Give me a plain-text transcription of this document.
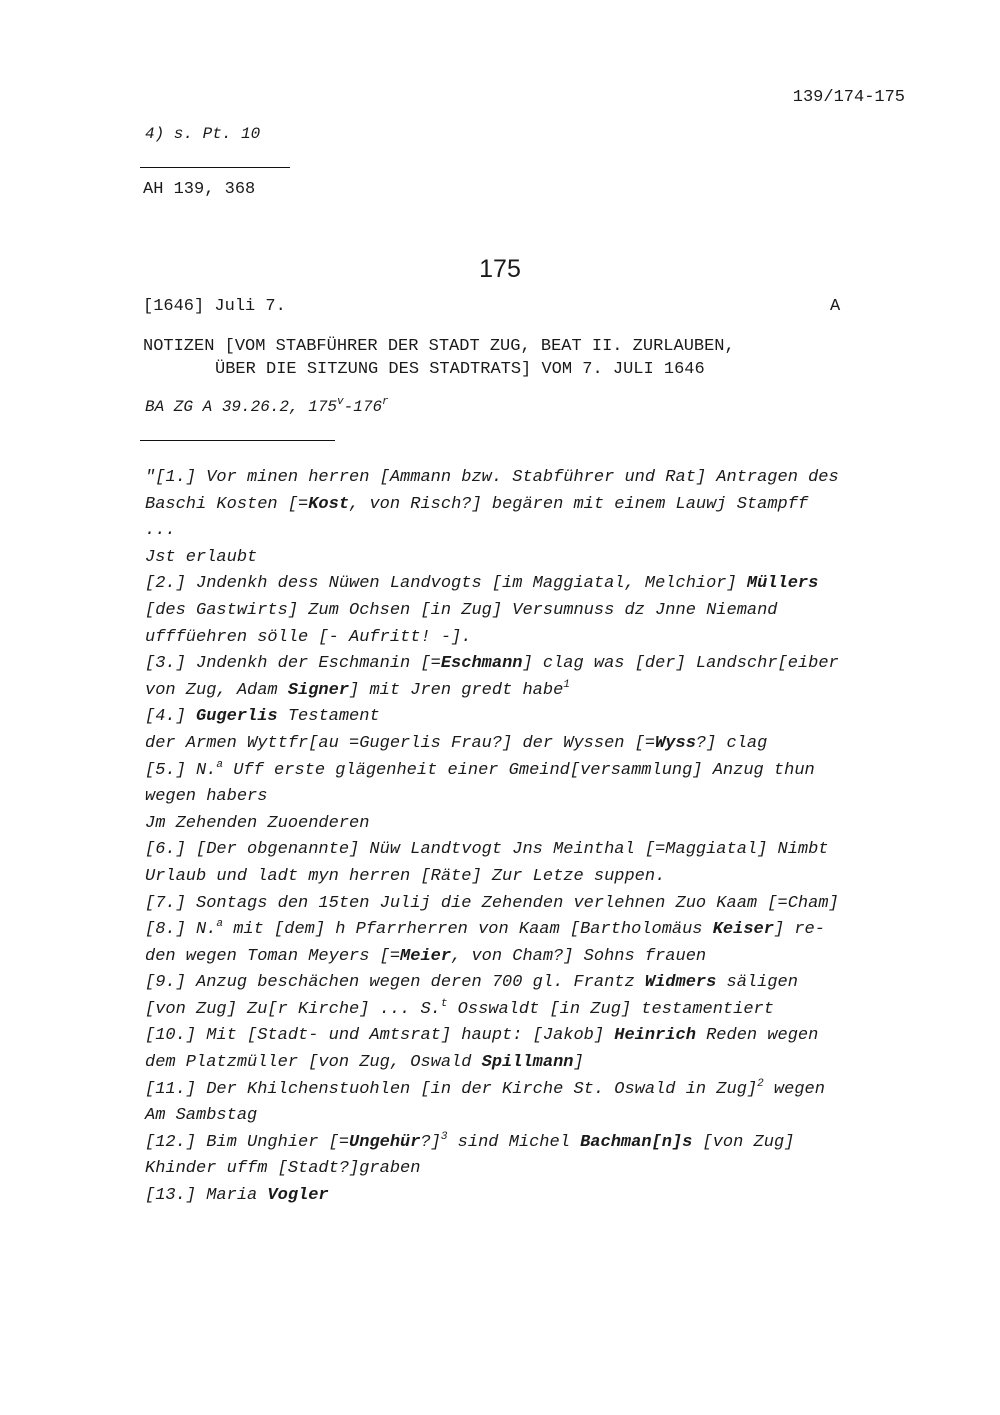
139/174-175
4) s. Pt. 10
AH 139, 368
175
[1646] Juli 7.	A
NOTIZEN [VOM STABFÜHRER DER STADT ZUG, BEAT II. ZURLAUBEN,
ÜBER DIE SITZUNG DES STADTRATS] VOM 7. JULI 1646
BA ZG A 39.26.2, 175$^v$-176$^r$
"[1.] Vor minen herren [Ammann bzw. Stabführer und Rat] Antragen des
Baschi Kosten [=Kost, von Risch?] begären mit einem Lauwj Stampff
...
Jst erlaubt
[2.] Jndenkh dess Nüwen Landvogts [im Maggiatal, Melchior] Müllers
[des Gastwirts] Zum Ochsen [in Zug] Versumnuss dz Jnne Niemand
ufffüehren sölle [- Aufritt! -].
[3.] Jndenkh der Eschmanin [=Eschmann] clag was [der] Landschr[eiber
von Zug, Adam Signer] mit Jren gredt habe$^1$
[4.] Gugerlis Testament
der Armen Wyttfr[au =Gugerlis Frau?] der Wyssen [=Wyss?] clag
[5.] N.$^a$ Uff erste glägenheit einer Gmeind[versammlung] Anzug thun
wegen habers
Jm Zehenden Zuoenderen
[6.] [Der obgenannte] Nüw Landtvogt Jns Meinthal [=Maggiatal] Nimbt
Urlaub und ladt myn herren [Räte] Zur Letze suppen.
[7.] Sontags den 15ten Julij die Zehenden verlehnen Zuo Kaam [=Cham]
[8.] N.$^a$ mit [dem] h Pfarrherren von Kaam [Bartholomäus Keiser] re-
den wegen Toman Meyers [=Meier, von Cham?] Sohns frauen
[9.] Anzug beschächen wegen deren 700 gl. Frantz Widmers säligen
[von Zug] Zu[r Kirche] ... S.$^t$ Osswaldt [in Zug] testamentiert
[10.] Mit [Stadt- und Amtsrat] haupt: [Jakob] Heinrich Reden wegen
dem Platzmüller [von Zug, Oswald Spillmann]
[11.] Der Khilchenstuohlen [in der Kirche St. Oswald in Zug]$^2$ wegen
Am Sambstag
[12.] Bim Unghier [=Ungehür?]$^3$ sind Michel Bachman[n]s [von Zug]
Khinder uffm [Stadt?]graben
[13.] Maria Vogler
